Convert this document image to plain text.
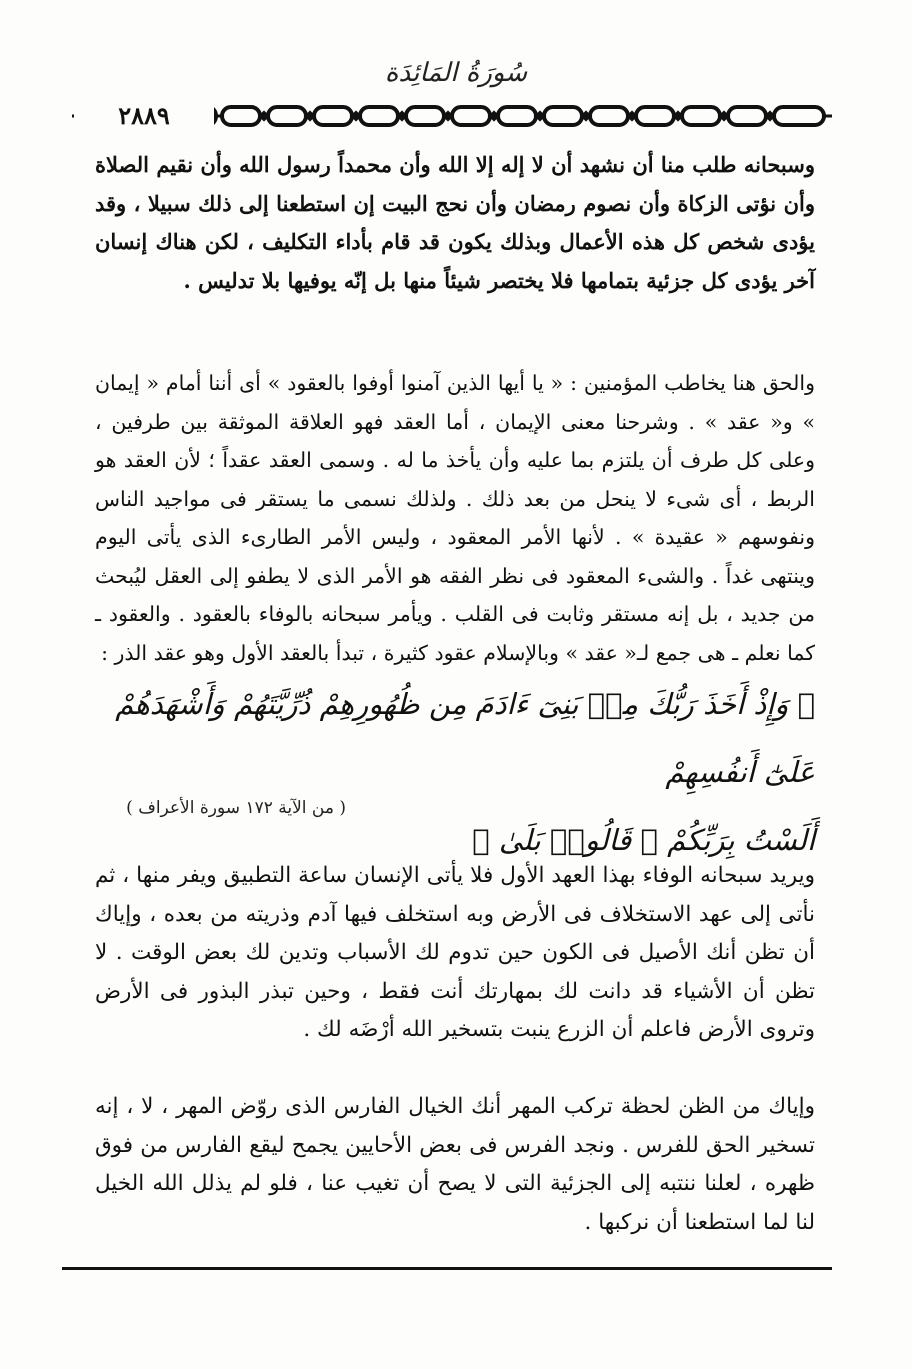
سُورَةُ المَائِدَة
٢٨٨٩
وسبحانه طلب منا أن نشهد أن لا إله إلا الله وأن محمداً رسول الله وأن نقيم الصلاة وأن نؤتى الزكاة وأن نصوم رمضان وأن نحج البيت إن استطعنا إلى ذلك سبيلا ، وقد يؤدى شخص كل هذه الأعمال وبذلك يكون قد قام بأداء التكليف ، لكن هناك إنسان آخر يؤدى كل جزئية بتمامها فلا يختصر شيئاً منها بل إنّه يوفيها بلا تدليس .
والحق هنا يخاطب المؤمنين : « يا أيها الذين آمنوا أوفوا بالعقود » أى أننا أمام « إيمان » و« عقد » . وشرحنا معنى الإيمان ، أما العقد فهو العلاقة الموثقة بين طرفين ، وعلى كل طرف أن يلتزم بما عليه وأن يأخذ ما له . وسمى العقد عقداً ؛ لأن العقد هو الربط ، أى شىء لا ينحل من بعد ذلك . ولذلك نسمى ما يستقر فى مواجيد الناس ونفوسهم « عقيدة » . لأنها الأمر المعقود ، وليس الأمر الطارىء الذى يأتى اليوم وينتهى غداً . والشىء المعقود فى نظر الفقه هو الأمر الذى لا يطفو إلى العقل ليُبحث من جديد ، بل إنه مستقر وثابت فى القلب . ويأمر سبحانه بالوفاء بالعقود . والعقود ـ كما نعلم ـ هى جمع لـ« عقد » وبالإسلام عقود كثيرة ، تبدأ بالعقد الأول وهو عقد الذر :
﴿ وَإِذْ أَخَذَ رَبُّكَ مِنۢ بَنِىٓ ءَادَمَ مِن ظُهُورِهِمْ ذُرِّيَّتَهُمْ وَأَشْهَدَهُمْ عَلَىٰٓ أَنفُسِهِمْ
أَلَسْتُ بِرَبِّكُمْ ۖ قَالُوا۟ بَلَىٰ ﴾
( من الآية ١٧٢ سورة الأعراف )
ويريد سبحانه الوفاء بهذا العهد الأول فلا يأتى الإنسان ساعة التطبيق ويفر منها ، ثم نأتى إلى عهد الاستخلاف فى الأرض وبه استخلف فيها آدم وذريته من بعده ، وإياك أن تظن أنك الأصيل فى الكون حين تدوم لك الأسباب وتدين لك بعض الوقت . لا تظن أن الأشياء قد دانت لك بمهارتك أنت فقط ، وحين تبذر البذور فى الأرض وتروى الأرض فاعلم أن الزرع ينبت بتسخير الله أرْضَه لك .
وإياك من الظن لحظة تركب المهر أنك الخيال الفارس الذى روّض المهر ، لا ، إنه تسخير الحق للفرس . ونجد الفرس فى بعض الأحايين يجمح ليقع الفارس من فوق ظهره ، لعلنا ننتبه إلى الجزئية التى لا يصح أن تغيب عنا ، فلو لم يذلل الله الخيل لنا لما استطعنا أن نركبها .
